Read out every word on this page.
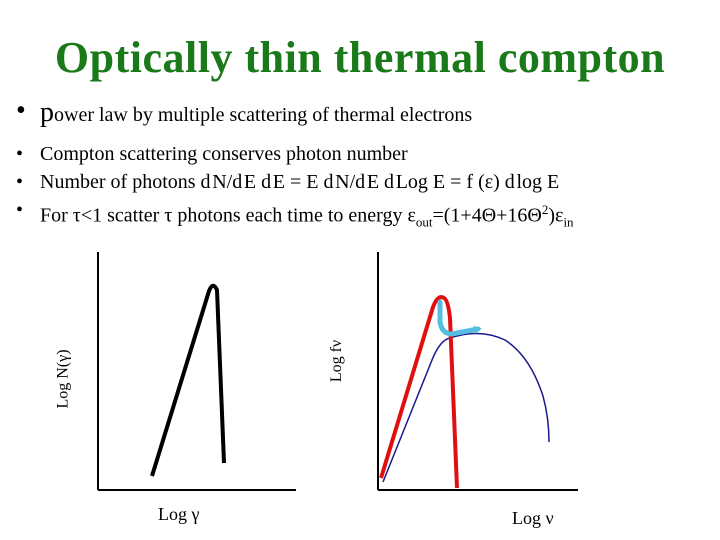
Optically thin thermal compton
• power law by multiple scattering of thermal electrons
• Compton scattering conserves photon number
• Number of photons d N/d E d E = E d N/d E d Log E = f (ε) d log E
• For τ<1 scatter τ photons each time to energy $\varepsilon_{out}=(1+4\Theta+16\Theta^2)\varepsilon_{in}$
Log N(γ)
Log γ
Log fν
Log ν
